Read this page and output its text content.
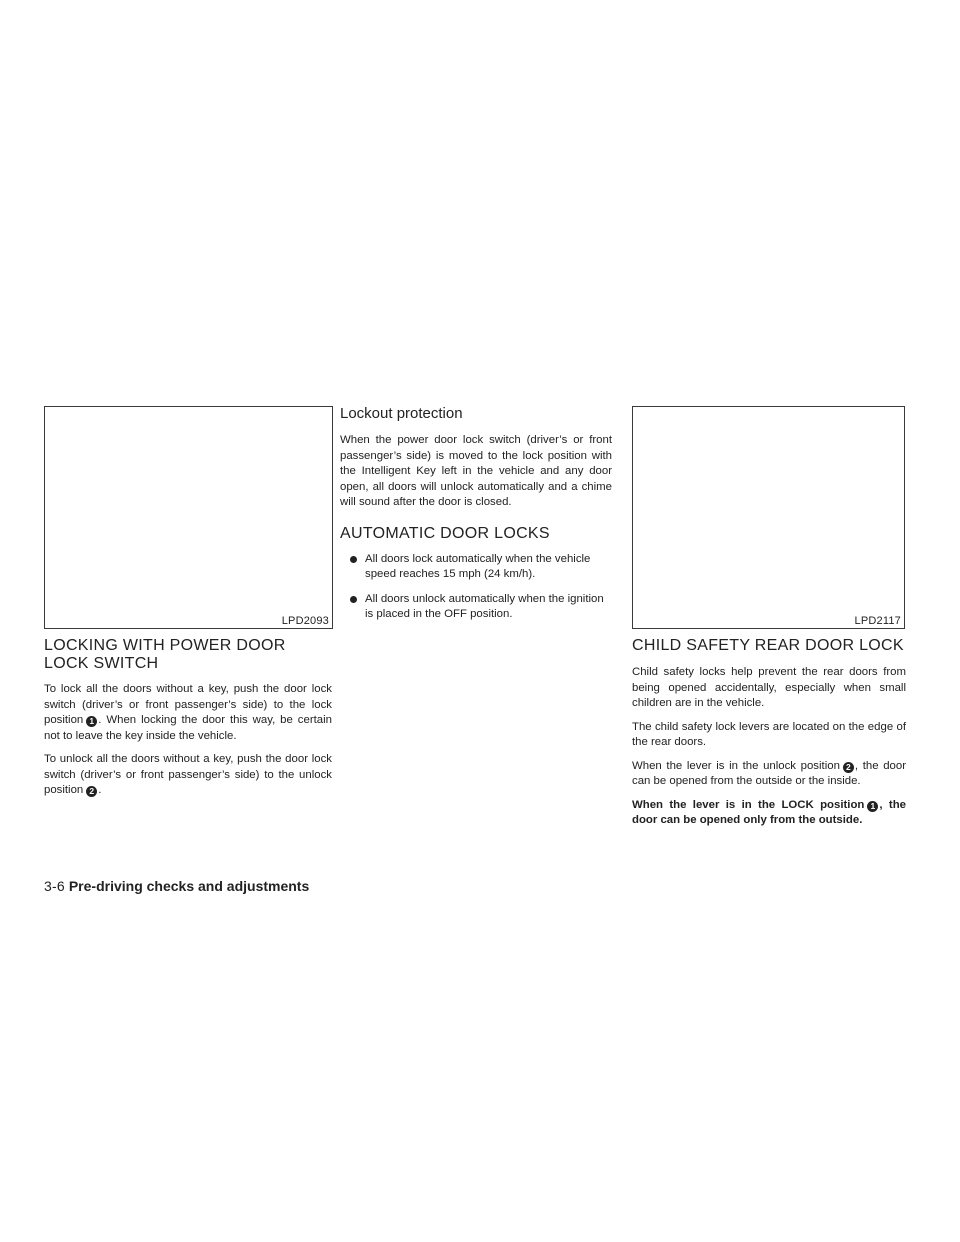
LPD2093	LPD2117
LOCKING WITH POWER DOOR
LOCK SWITCH

To lock all the doors without a key, push the door lock switch (driver’s or front passenger’s side) to the lock position 1 . When locking the door this way, be certain not to leave the key inside the vehicle.

To unlock all the doors without a key, push the door lock switch (driver’s or front passenger’s side) to the unlock position 2 .

Lockout protection

When the power door lock switch (driver’s or front passenger’s side) is moved to the lock position with the Intelligent Key left in the vehicle and any door open, all doors will unlock automatically and a chime will sound after the door is closed.

AUTOMATIC DOOR LOCKS
All doors lock automatically when the vehicle speed reaches 15 mph (24 km/h).
All doors unlock automatically when the ignition is placed in the OFF position.
CHILD SAFETY REAR DOOR LOCK

Child safety locks help prevent the rear doors from being opened accidentally, especially when small children are in the vehicle.

The child safety lock levers are located on the edge of the rear doors.

When the lever is in the unlock position 2 , the door can be opened from the outside or the inside.

When the lever is in the LOCK position 1 , the door can be opened only from the outside.

3-6 Pre-driving checks and adjustments
